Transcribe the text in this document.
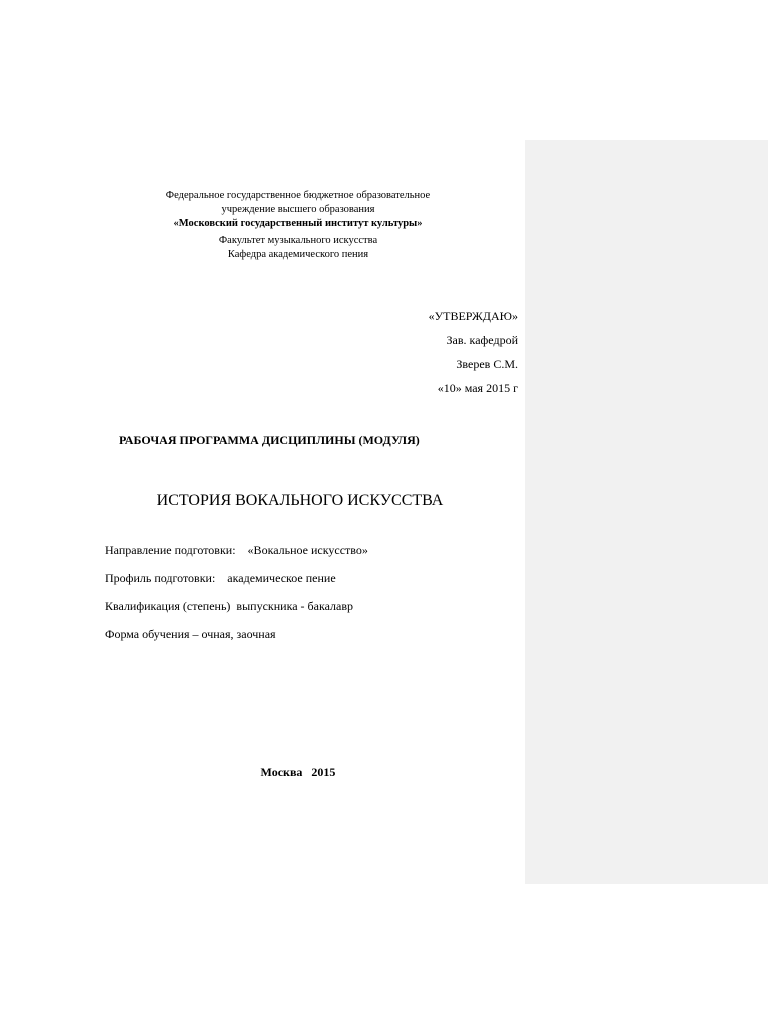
Федеральное государственное бюджетное образовательное
учреждение высшего образования
«Московский государственный институт культуры»
Факультет музыкального искусства
Кафедра академического пения
«УТВЕРЖДАЮ»
Зав. кафедрой
Зверев С.М.
«10» мая 2015 г
РАБОЧАЯ ПРОГРАММА ДИСЦИПЛИНЫ (МОДУЛЯ)
ИСТОРИЯ ВОКАЛЬНОГО ИСКУССТВА
Направление подготовки:    «Вокальное искусство»
Профиль подготовки:    академическое пение
Квалификация (степень)  выпускника - бакалавр
Форма обучения – очная, заочная
Москва   2015
